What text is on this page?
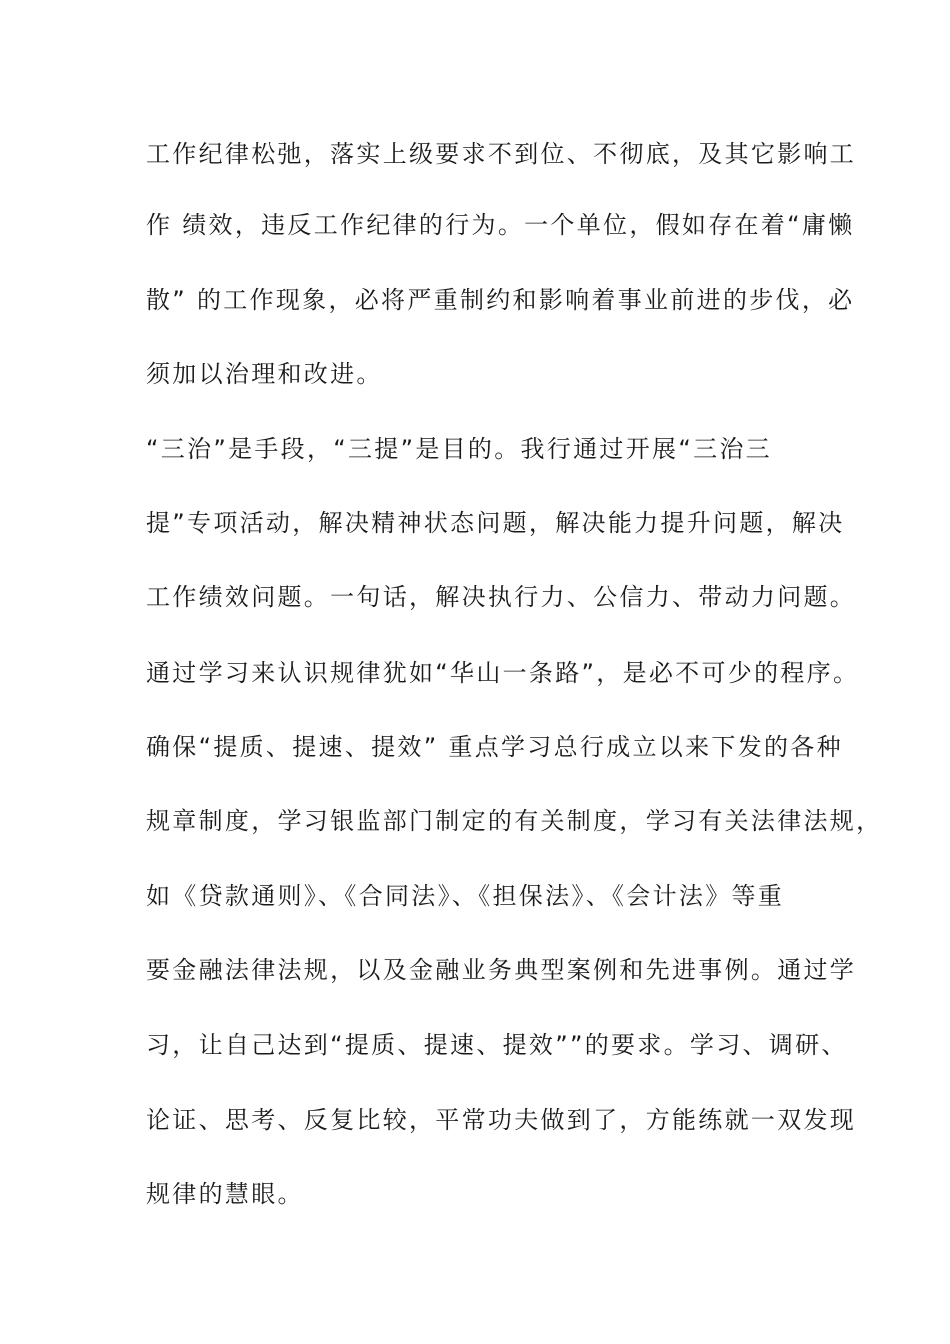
工作纪律松弛，落实上级要求不到位、不彻底，及其它影响工
作 绩效，违反工作纪律的行为。一个单位，假如存在着“庸懒
散” 的工作现象，必将严重制约和影响着事业前进的步伐，必
须加以治理和改进。
“三治”是手段，“三提”是目的。我行通过开展“三治三
提”专项活动，解决精神状态问题，解决能力提升问题，解决
工作绩效问题。一句话，解决执行力、公信力、带动力问题。
通过学习来认识规律犹如“华山一条路”，是必不可少的程序。
确保“提质、提速、提效” 重点学习总行成立以来下发的各种
规章制度，学习银监部门制定的有关制度，学习有关法律法规，
如《贷款通则》、《合同法》、《担保法》、《会计法》等重
要金融法律法规，以及金融业务典型案例和先进事例。通过学
习，让自己达到“提质、提速、提效””的要求。学习、调研、
论证、思考、反复比较，平常功夫做到了，方能练就一双发现
规律的慧眼。
